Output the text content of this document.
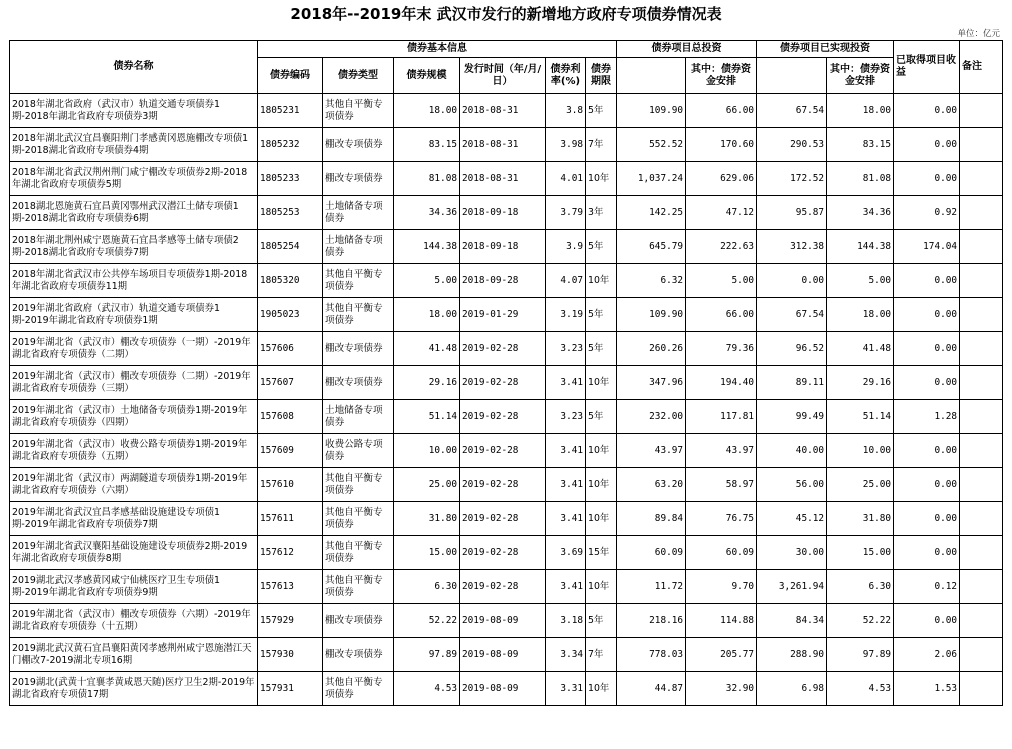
2018年--2019年末 武汉市发行的新增地方政府专项债券情况表
单位：亿元
债券名称	债券基本信息						债券项目总投资		债券项目已实现投资		已取得项目收益	备注
	债券编码	债券类型	债券规模	发行时间（年/月/日）	债券利率(%)	债券期限		其中：债券资金安排		其中：债券资金安排		
2018年湖北省政府（武汉市）轨道交通专项债券1期-2018年湖北省政府专项债券3期	1805231	其他自平衡专项债券	18.00	2018-08-31	3.8	5年	109.90	66.00	67.54	18.00	0.00	
2018年湖北武汉宜昌襄阳荆门孝感黄冈恩施棚改专项债1期-2018湖北省政府专项债券4期	1805232	棚改专项债券	83.15	2018-08-31	3.98	7年	552.52	170.60	290.53	83.15	0.00	
2018年湖北省武汉荆州荆门咸宁棚改专项债券2期-2018年湖北省政府专项债券5期	1805233	棚改专项债券	81.08	2018-08-31	4.01	10年	1,037.24	629.06	172.52	81.08	0.00	
2018湖北恩施黄石宜昌黄冈鄂州武汉潜江土储专项债1期-2018湖北省政府专项债券6期	1805253	土地储备专项债券	34.36	2018-09-18	3.79	3年	142.25	47.12	95.87	34.36	0.92	
2018年湖北荆州咸宁恩施黄石宜昌孝感等土储专项债2期-2018湖北省政府专项债券7期	1805254	土地储备专项债券	144.38	2018-09-18	3.9	5年	645.79	222.63	312.38	144.38	174.04	
2018年湖北省武汉市公共停车场项目专项债券1期-2018年湖北省政府专项债券11期	1805320	其他自平衡专项债券	5.00	2018-09-28	4.07	10年	6.32	5.00	0.00	5.00	0.00	
2019年湖北省政府（武汉市）轨道交通专项债券1期-2019年湖北省政府专项债券1期	1905023	其他自平衡专项债券	18.00	2019-01-29	3.19	5年	109.90	66.00	67.54	18.00	0.00	
2019年湖北省（武汉市）棚改专项债券（一期）-2019年湖北省政府专项债券（二期）	157606	棚改专项债券	41.48	2019-02-28	3.23	5年	260.26	79.36	96.52	41.48	0.00	
2019年湖北省（武汉市）棚改专项债券（二期）-2019年湖北省政府专项债券（三期）	157607	棚改专项债券	29.16	2019-02-28	3.41	10年	347.96	194.40	89.11	29.16	0.00	
2019年湖北省（武汉市）土地储备专项债券1期-2019年湖北省政府专项债券（四期）	157608	土地储备专项债券	51.14	2019-02-28	3.23	5年	232.00	117.81	99.49	51.14	1.28	
2019年湖北省（武汉市）收费公路专项债券1期-2019年湖北省政府专项债券（五期）	157609	收费公路专项债券	10.00	2019-02-28	3.41	10年	43.97	43.97	40.00	10.00	0.00	
2019年湖北省（武汉市）两湖隧道专项债券1期-2019年湖北省政府专项债券（六期）	157610	其他自平衡专项债券	25.00	2019-02-28	3.41	10年	63.20	58.97	56.00	25.00	0.00	
2019年湖北省武汉宜昌孝感基础设施建设专项债1期-2019年湖北省政府专项债券7期	157611	其他自平衡专项债券	31.80	2019-02-28	3.41	10年	89.84	76.75	45.12	31.80	0.00	
2019年湖北省武汉襄阳基础设施建设专项债券2期-2019年湖北省政府专项债券8期	157612	其他自平衡专项债券	15.00	2019-02-28	3.69	15年	60.09	60.09	30.00	15.00	0.00	
2019湖北武汉孝感黄冈咸宁仙桃医疗卫生专项债1期-2019年湖北省政府专项债券9期	157613	其他自平衡专项债券	6.30	2019-02-28	3.41	10年	11.72	9.70	3,261.94	6.30	0.12	
2019年湖北省（武汉市）棚改专项债券（六期）-2019年湖北省政府专项债券（十五期）	157929	棚改专项债券	52.22	2019-08-09	3.18	5年	218.16	114.88	84.34	52.22	0.00	
2019湖北武汉黄石宜昌襄阳黄冈孝感荆州咸宁恩施潜江天门棚改7-2019湖北专项16期	157930	棚改专项债券	97.89	2019-08-09	3.34	7年	778.03	205.77	288.90	97.89	2.06	
2019湖北(武黄十宜襄孝黄咸恩天随)医疗卫生2期-2019年湖北省政府专项债17期	157931	其他自平衡专项债券	4.53	2019-08-09	3.31	10年	44.87	32.90	6.98	4.53	1.53	
